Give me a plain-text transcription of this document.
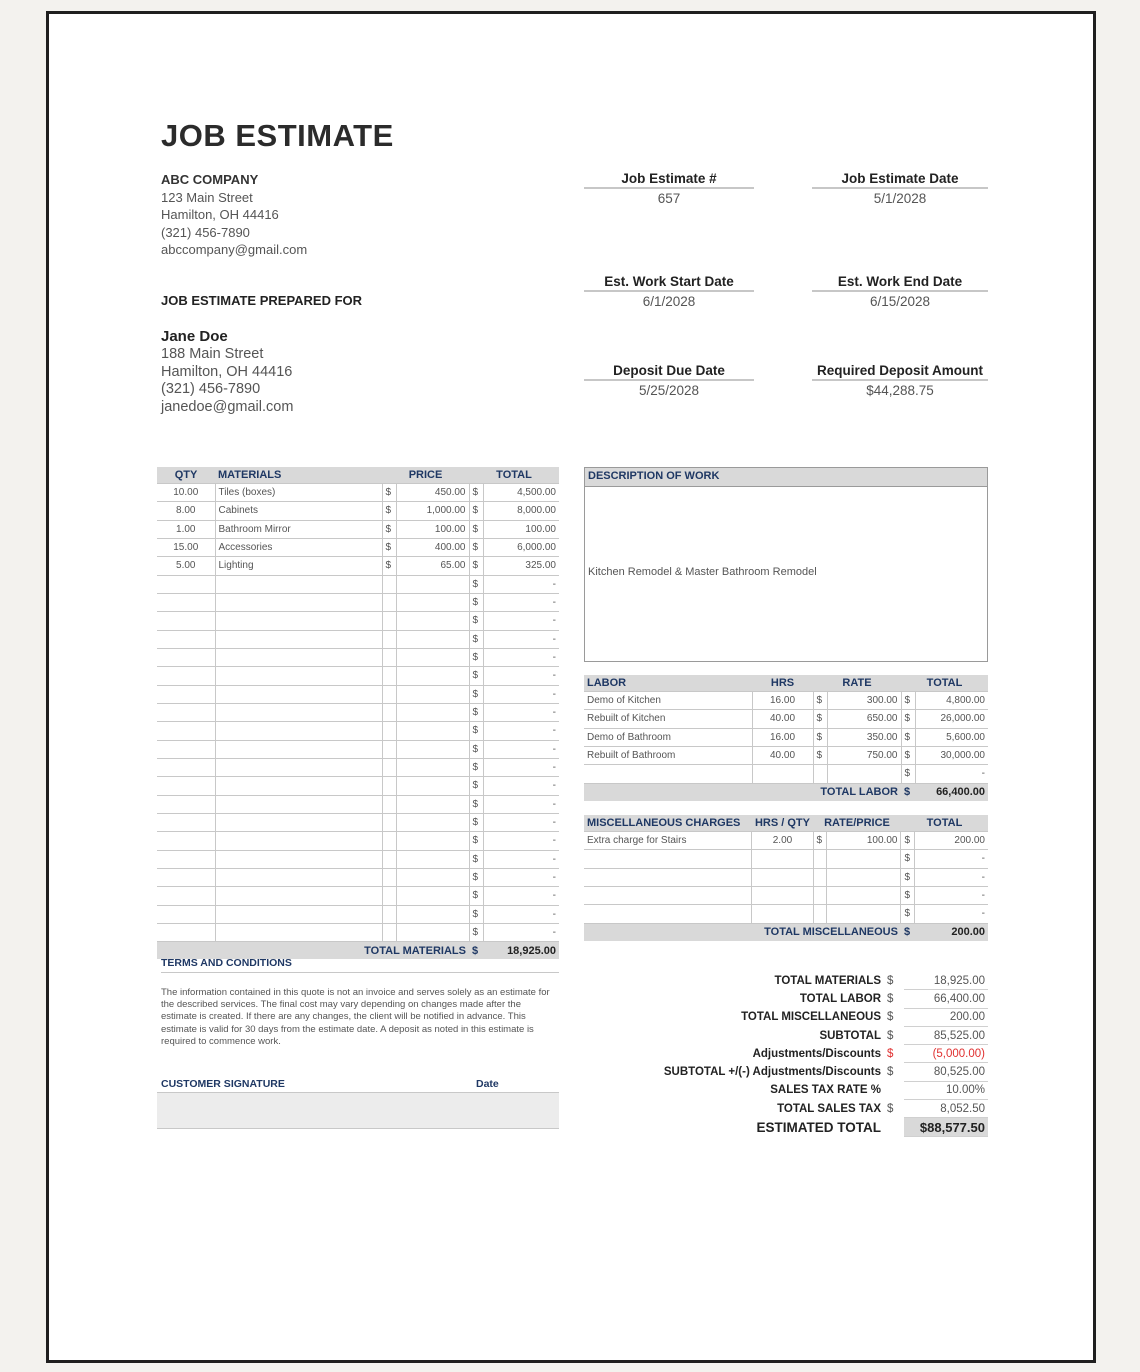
JOB ESTIMATE
ABC COMPANY
123 Main Street
Hamilton, OH 44416
(321) 456-7890
abccompany@gmail.com
JOB ESTIMATE PREPARED FOR
Jane Doe
188 Main Street
Hamilton, OH 44416
(321) 456-7890
janedoe@gmail.com
Job Estimate #
657
Job Estimate Date
5/1/2028
Est. Work Start Date
6/1/2028
Est. Work End Date
6/15/2028
Deposit Due Date
5/25/2028
Required Deposit Amount
$44,288.75
QTY	MATERIALS	PRICE		TOTAL	
10.00	Tiles (boxes)	$	450.00	$	4,500.00
8.00	Cabinets	$	1,000.00	$	8,000.00
1.00	Bathroom Mirror	$	100.00	$	100.00
15.00	Accessories	$	400.00	$	6,000.00
5.00	Lighting	$	65.00	$	325.00
				$	-
				$	-
				$	-
				$	-
				$	-
				$	-
				$	-
				$	-
				$	-
				$	-
				$	-
				$	-
				$	-
				$	-
				$	-
				$	-
				$	-
				$	-
				$	-
				$	-
TOTAL MATERIALS				$	18,925.00
DESCRIPTION OF WORK
Kitchen Remodel & Master Bathroom Remodel
LABOR	HRS	RATE		TOTAL	
Demo of Kitchen	16.00	$	300.00	$	4,800.00
Rebuilt of Kitchen	40.00	$	650.00	$	26,000.00
Demo of Bathroom	16.00	$	350.00	$	5,600.00
Rebuilt of Bathroom	40.00	$	750.00	$	30,000.00
				$	-
TOTAL LABOR				$	66,400.00
MISCELLANEOUS CHARGES	HRS / QTY	RATE/PRICE		TOTAL	
Extra charge for Stairs	2.00	$	100.00	$	200.00
				$	-
				$	-
				$	-
				$	-
TOTAL MISCELLANEOUS				$	200.00
TERMS AND CONDITIONS
The information contained in this quote is not an invoice and serves solely as an estimate for the described services. The final cost may vary depending on changes made after the estimate is created. If there are any changes, the client will be notified in advance. This estimate is valid for 30 days from the estimate date. A deposit as noted in this estimate is required to commence work.
CUSTOMER SIGNATURE	Date
TOTAL MATERIALS	$	18,925.00
TOTAL LABOR	$	66,400.00
TOTAL MISCELLANEOUS	$	200.00
SUBTOTAL	$	85,525.00
Adjustments/Discounts	$	(5,000.00)
SUBTOTAL +/(-) Adjustments/Discounts	$	80,525.00
SALES TAX RATE %		10.00%
TOTAL SALES TAX	$	8,052.50
ESTIMATED TOTAL		$88,577.50
